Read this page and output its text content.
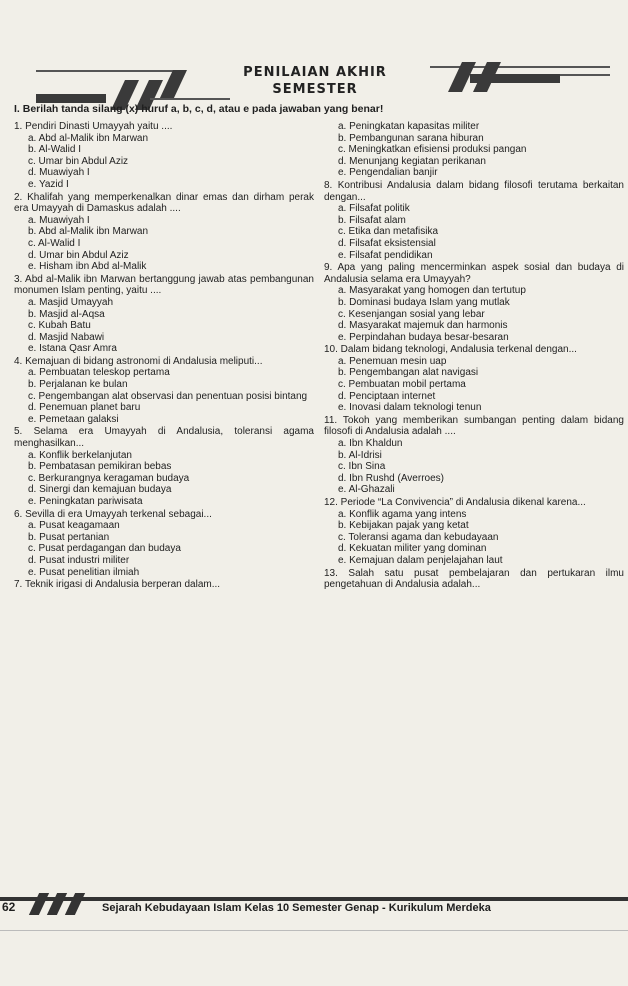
PENILAIAN AKHIR
SEMESTER
I. Berilah tanda silang (x) huruf a, b, c, d, atau e pada jawaban yang benar!
1. Pendiri Dinasti Umayyah yaitu ....
a. Abd al-Malik ibn Marwan
b. Al-Walid I
c. Umar bin Abdul Aziz
d. Muawiyah I
e. Yazid I
2. Khalifah yang memperkenalkan dinar emas dan dirham perak era Umayyah di Damaskus adalah ....
a. Muawiyah I
b. Abd al-Malik ibn Marwan
c. Al-Walid I
d. Umar bin Abdul Aziz
e. Hisham ibn Abd al-Malik
3. Abd al-Malik ibn Marwan bertanggung jawab atas pembangunan monumen Islam penting, yaitu ....
a. Masjid Umayyah
b. Masjid al-Aqsa
c. Kubah Batu
d. Masjid Nabawi
e. Istana Qasr Amra
4. Kemajuan di bidang astronomi di Andalusia meliputi...
a. Pembuatan teleskop pertama
b. Perjalanan ke bulan
c. Pengembangan alat observasi dan penentuan posisi bintang
d. Penemuan planet baru
e. Pemetaan galaksi
5. Selama era Umayyah di Andalusia, toleransi agama menghasilkan...
a. Konflik berkelanjutan
b. Pembatasan pemikiran bebas
c. Berkurangnya keragaman budaya
d. Sinergi dan kemajuan budaya
e. Peningkatan pariwisata
6. Sevilla di era Umayyah terkenal sebagai...
a. Pusat keagamaan
b. Pusat pertanian
c. Pusat perdagangan dan budaya
d. Pusat industri militer
e. Pusat penelitian ilmiah
7. Teknik irigasi di Andalusia berperan dalam...
a. Peningkatan kapasitas militer
b. Pembangunan sarana hiburan
c. Meningkatkan efisiensi produksi pangan
d. Menunjang kegiatan perikanan
e. Pengendalian banjir
8. Kontribusi Andalusia dalam bidang filosofi terutama berkaitan dengan...
a. Filsafat politik
b. Filsafat alam
c. Etika dan metafisika
d. Filsafat eksistensial
e. Filsafat pendidikan
9. Apa yang paling mencerminkan aspek sosial dan budaya di Andalusia selama era Umayyah?
a. Masyarakat yang homogen dan tertutup
b. Dominasi budaya Islam yang mutlak
c. Kesenjangan sosial yang lebar
d. Masyarakat majemuk dan harmonis
e. Perpindahan budaya besar-besaran
10. Dalam bidang teknologi, Andalusia terkenal dengan...
a. Penemuan mesin uap
b. Pengembangan alat navigasi
c. Pembuatan mobil pertama
d. Penciptaan internet
e. Inovasi dalam teknologi tenun
11. Tokoh yang memberikan sumbangan penting dalam bidang filosofi di Andalusia adalah ....
a. Ibn Khaldun
b. Al-Idrisi
c. Ibn Sina
d. Ibn Rushd (Averroes)
e. Al-Ghazali
12. Periode “La Convivencia” di Andalusia dikenal karena...
a. Konflik agama yang intens
b. Kebijakan pajak yang ketat
c. Toleransi agama dan kebudayaan
d. Kekuatan militer yang dominan
e. Kemajuan dalam penjelajahan laut
13. Salah satu pusat pembelajaran dan pertukaran ilmu pengetahuan di Andalusia adalah...
62	Sejarah Kebudayaan Islam Kelas 10 Semester Genap - Kurikulum Merdeka
